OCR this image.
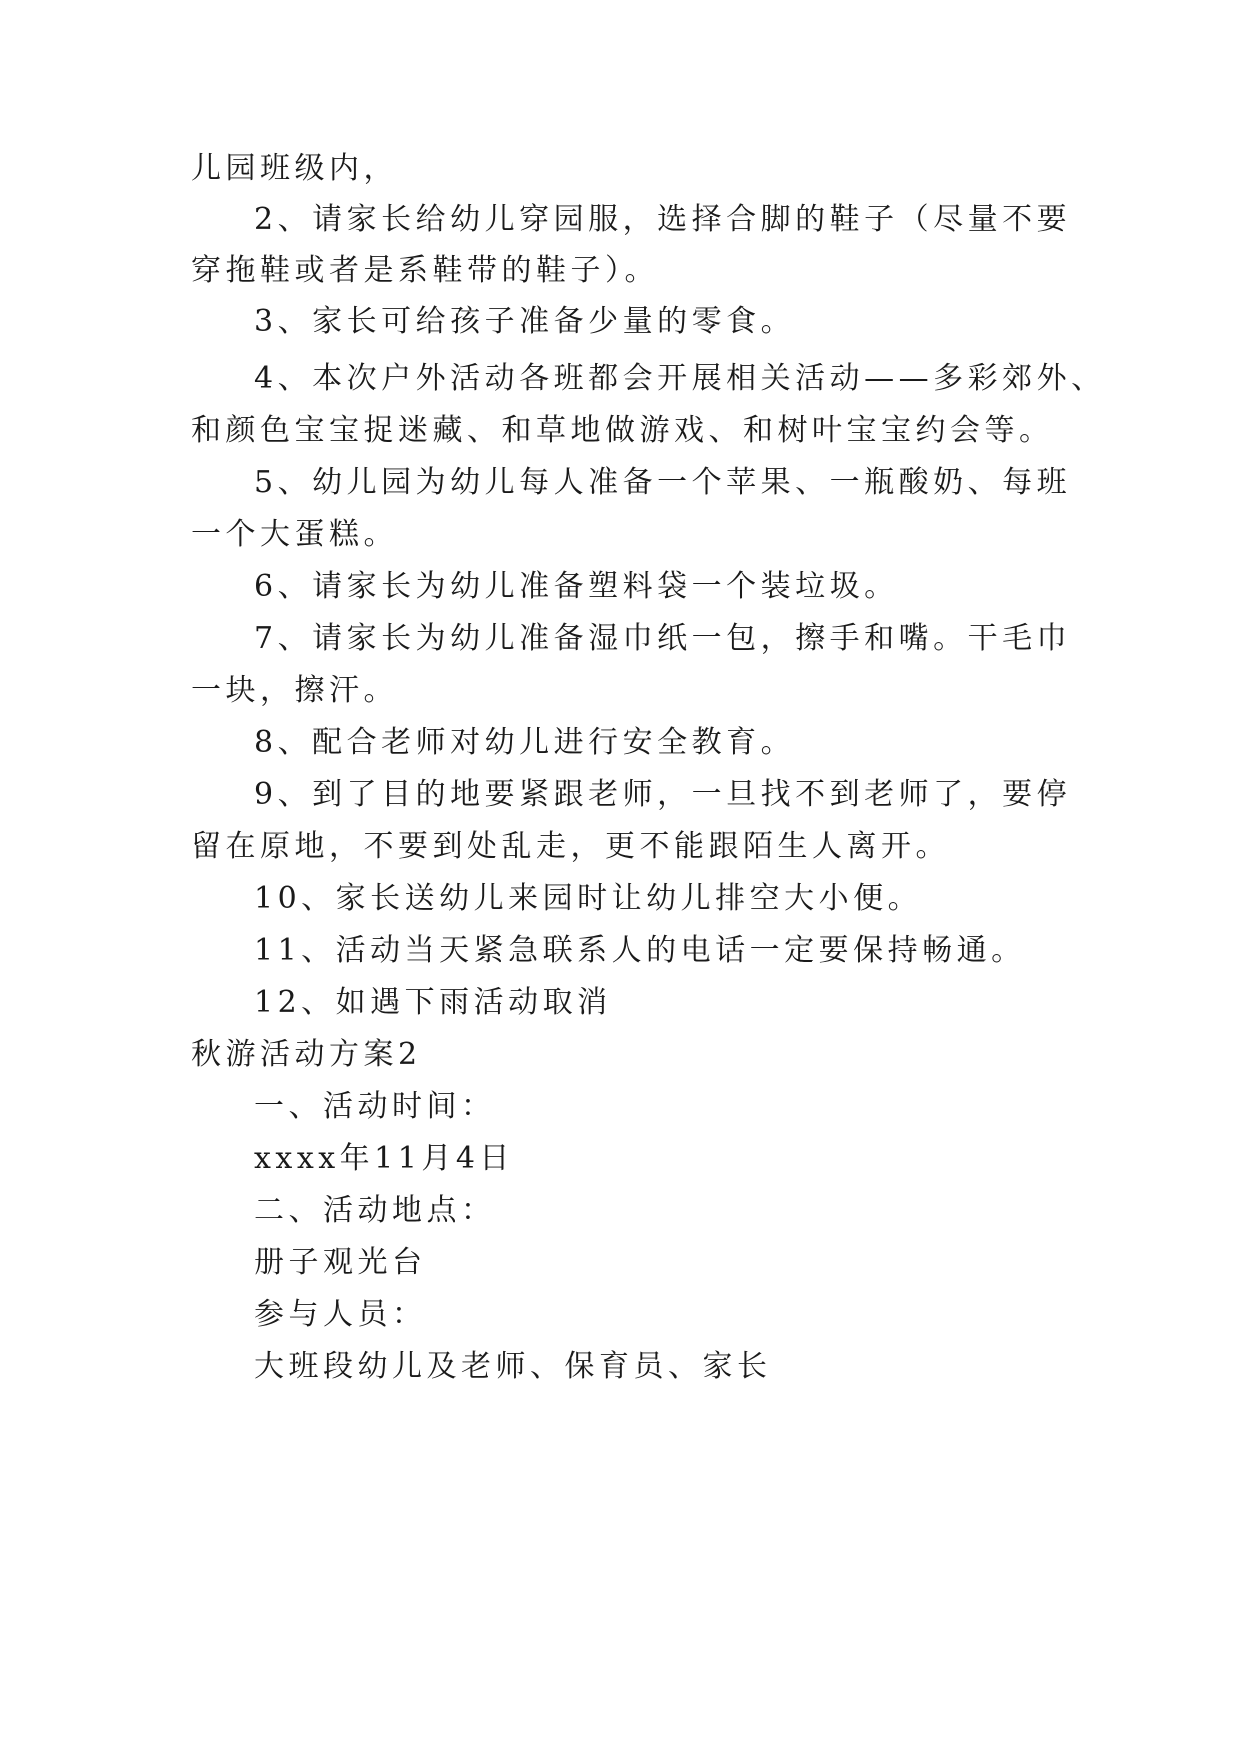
儿园班级内，

2、请家长给幼儿穿园服，选择合脚的鞋子（尽量不要

穿拖鞋或者是系鞋带的鞋子）。

3、家长可给孩子准备少量的零食。

4、本次户外活动各班都会开展相关活动——多彩郊外、

和颜色宝宝捉迷藏、和草地做游戏、和树叶宝宝约会等。

5、幼儿园为幼儿每人准备一个苹果、一瓶酸奶、每班

一个大蛋糕。

6、请家长为幼儿准备塑料袋一个装垃圾。

7、请家长为幼儿准备湿巾纸一包，擦手和嘴。干毛巾

一块，擦汗。

8、配合老师对幼儿进行安全教育。

9、到了目的地要紧跟老师，一旦找不到老师了，要停

留在原地，不要到处乱走，更不能跟陌生人离开。

10、家长送幼儿来园时让幼儿排空大小便。

11、活动当天紧急联系人的电话一定要保持畅通。

12、如遇下雨活动取消

秋游活动方案2

一、活动时间：

xxxx年11月4日

二、活动地点：

册子观光台

参与人员：

大班段幼儿及老师、保育员、家长
